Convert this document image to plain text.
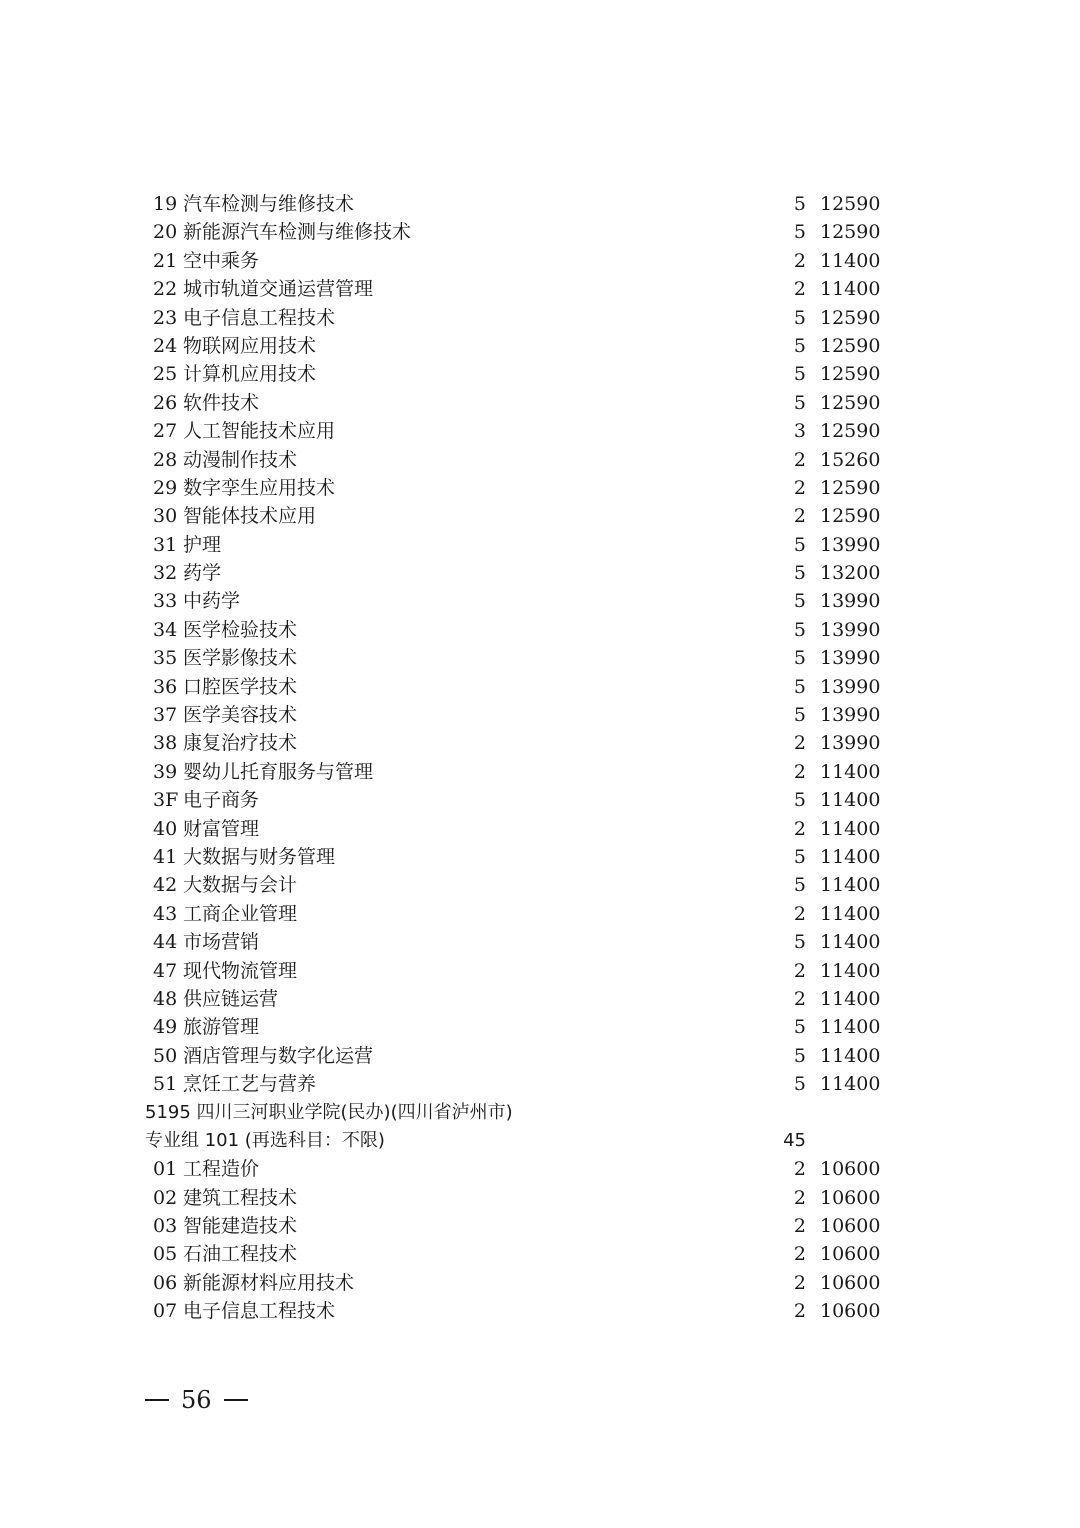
19 汽车检测与维修技术	5 12590
20 新能源汽车检测与维修技术	5 12590
21 空中乘务	2 11400
22 城市轨道交通运营管理	2 11400
23 电子信息工程技术	5 12590
24 物联网应用技术	5 12590
25 计算机应用技术	5 12590
26 软件技术	5 12590
27 人工智能技术应用	3 12590
28 动漫制作技术	2 15260
29 数字孪生应用技术	2 12590
30 智能体技术应用	2 12590
31 护理	5 13990
32 药学	5 13200
33 中药学	5 13990
34 医学检验技术	5 13990
35 医学影像技术	5 13990
36 口腔医学技术	5 13990
37 医学美容技术	5 13990
38 康复治疗技术	2 13990
39 婴幼儿托育服务与管理	2 11400
3F 电子商务	5 11400
40 财富管理	2 11400
41 大数据与财务管理	5 11400
42 大数据与会计	5 11400
43 工商企业管理	2 11400
44 市场营销	5 11400
47 现代物流管理	2 11400
48 供应链运营	2 11400
49 旅游管理	5 11400
50 酒店管理与数字化运营	5 11400
51 烹饪工艺与营养	5 11400
5195 四川三河职业学院(民办)(四川省泸州市)
专业组 101 (再选科目：不限)	45
01 工程造价	2 10600
02 建筑工程技术	2 10600
03 智能建造技术	2 10600
05 石油工程技术	2 10600
06 新能源材料应用技术	2 10600
07 电子信息工程技术	2 10600
56
